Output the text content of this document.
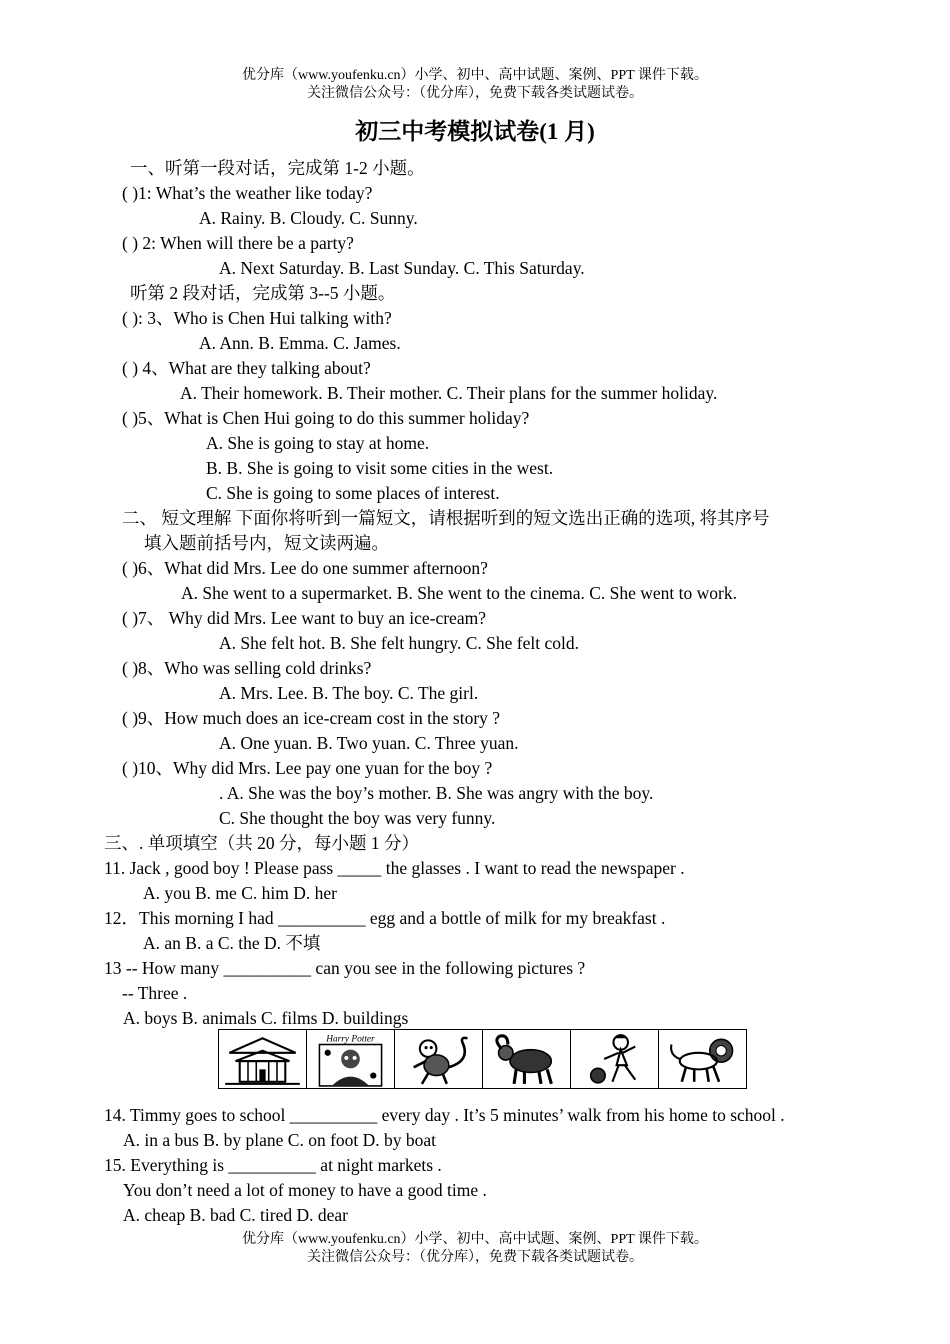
优分库（www.youfenku.cn）小学、初中、高中试题、案例、PPT 课件下载。
关注微信公众号：（优分库），免费下载各类试题试卷。
初三中考模拟试卷(1 月)
一、听第一段对话，完成第 1-2 小题。
( )1: What’s the weather like today?
A. Rainy. B. Cloudy. C. Sunny.
( ) 2: When will there be a party?
A. Next Saturday. B. Last Sunday. C. This Saturday.
听第 2 段对话，完成第 3--5 小题。
( ): 3、Who is Chen Hui talking with?
A. Ann. B. Emma. C. James.
( ) 4、What are they talking about?
A. Their homework. B. Their mother. C. Their plans for the summer holiday.
( )5、What is Chen Hui going to do this summer holiday?
A. She is going to stay at home.
B. B. She is going to visit some cities in the west.
C. She is going to some places of interest.
二、 短文理解 下面你将听到一篇短文，请根据听到的短文选出正确的选项, 将其序号
填入题前括号内，短文读两遍。
( )6、What did Mrs. Lee do one summer afternoon?
A. She went to a supermarket. B. She went to the cinema. C. She went to work.
( )7、 Why did Mrs. Lee want to buy an ice-cream?
A. She felt hot. B. She felt hungry. C. She felt cold.
( )8、Who was selling cold drinks?
A. Mrs. Lee. B. The boy. C. The girl.
( )9、How much does an ice-cream cost in the story ?
A. One yuan. B. Two yuan. C. Three yuan.
( )10、Why did Mrs. Lee pay one yuan for the boy ?
. A. She was the boy’s mother. B. She was angry with the boy.
C. She thought the boy was very funny.
三、. 单项填空（共 20 分，每小题 1 分）
11. Jack , good boy ! Please pass _____ the glasses . I want to read the newspaper .
A. you B. me C. him D. her
12．This morning I had __________ egg and a bottle of milk for my breakfast .
A. an B. a C. the D. 不填
13 -- How many __________ can you see in the following pictures ?
-- Three .
A. boys B. animals C. films D. buildings
Harry Potter
14. Timmy goes to school __________ every day . It’s 5 minutes’ walk from his home to school .
A. in a bus B. by plane C. on foot D. by boat
15. Everything is __________ at night markets .
You don’t need a lot of money to have a good time .
A. cheap B. bad C. tired D. dear
优分库（www.youfenku.cn）小学、初中、高中试题、案例、PPT 课件下载。
关注微信公众号：（优分库），免费下载各类试题试卷。
